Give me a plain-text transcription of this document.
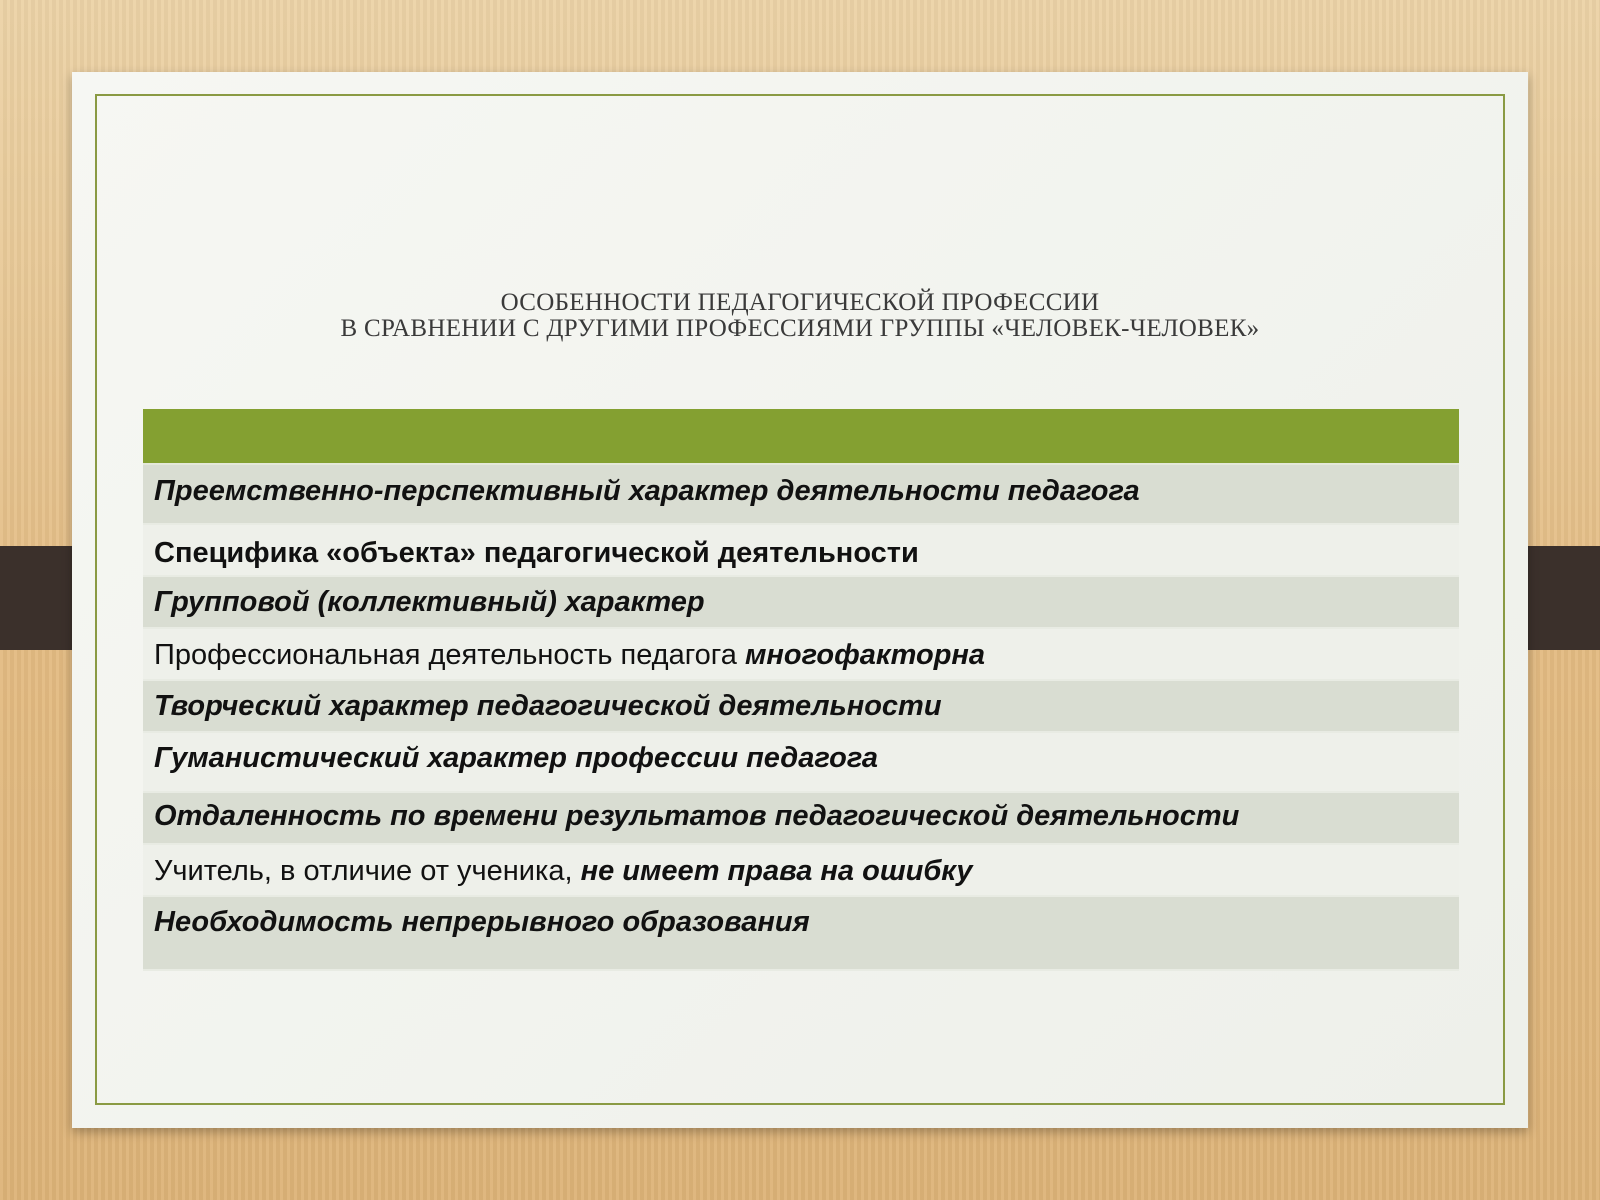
ОСОБЕННОСТИ ПЕДАГОГИЧЕСКОЙ ПРОФЕССИИ
В СРАВНЕНИИ С ДРУГИМИ ПРОФЕССИЯМИ ГРУППЫ «ЧЕЛОВЕК-ЧЕЛОВЕК»
Преемственно-перспективный характер деятельности педагога
Специфика «объекта» педагогической деятельности
Групповой (коллективный) характер
Профессиональная деятельность педагога многофакторна
Творческий характер педагогической деятельности
Гуманистический характер профессии педагога
Отдаленность по времени результатов педагогической деятельности
Учитель, в отличие от ученика, не имеет права на ошибку
Необходимость непрерывного образования
